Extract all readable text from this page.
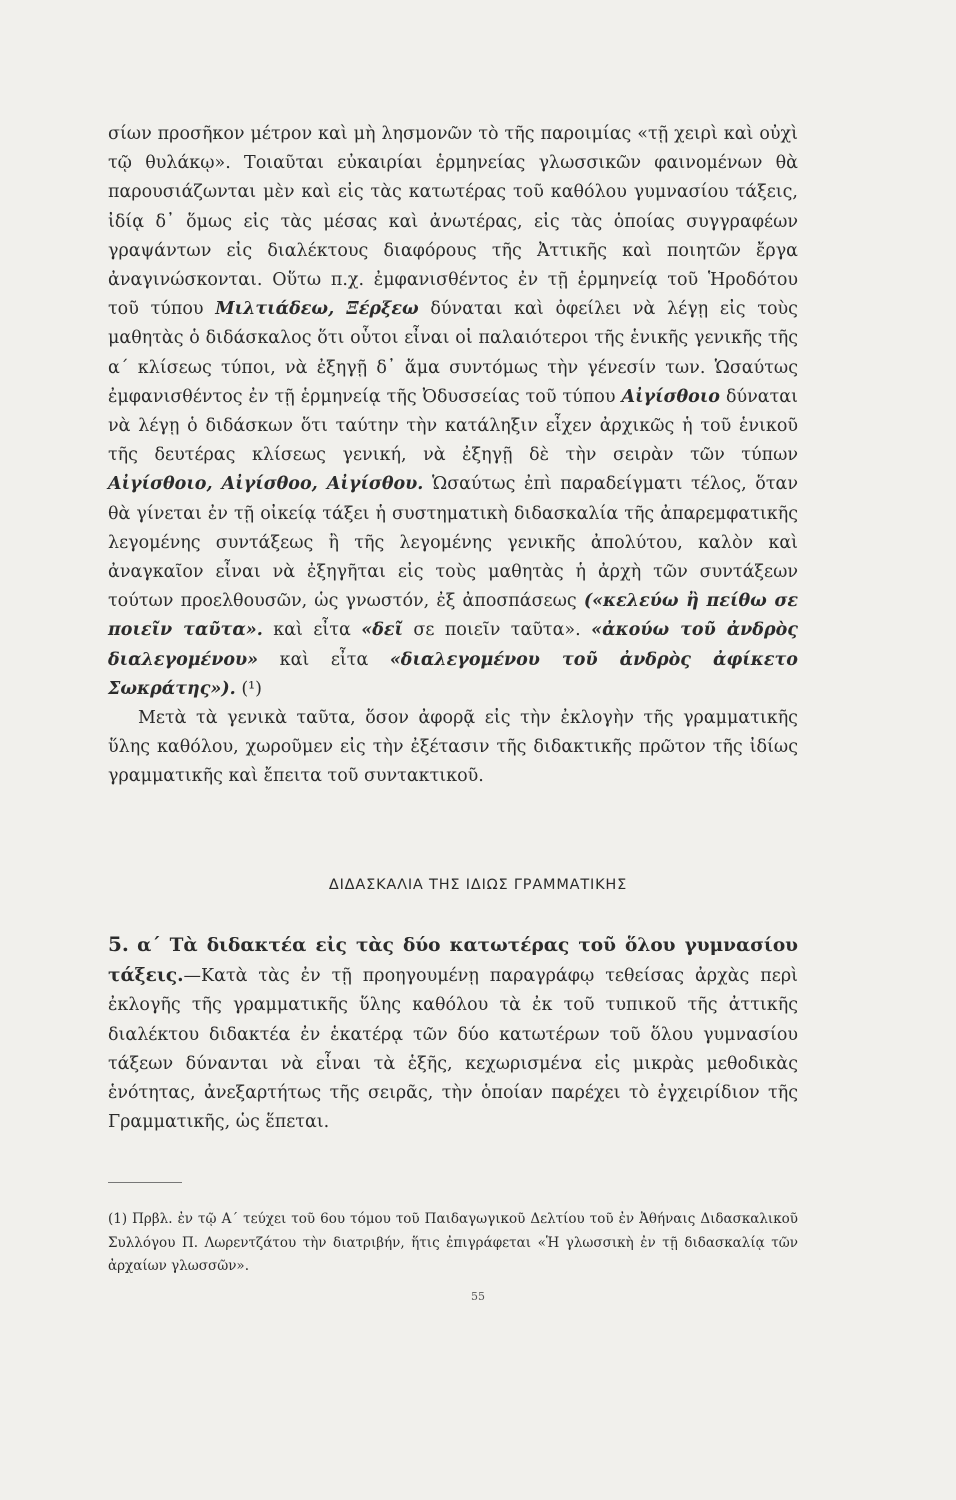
σίων προσῆκον μέτρον καὶ μὴ λησμονῶν τὸ τῆς παροιμίας «τῇ χειρὶ καὶ οὐχὶ τῷ θυλάκῳ». Τοιαῦται εὐκαιρίαι ἑρμηνείας γλωσσικῶν φαινομένων θὰ παρουσιάζωνται μὲν καὶ εἰς τὰς κατωτέρας τοῦ καθόλου γυμνασίου τάξεις, ἰδίᾳ δ᾽ ὅμως εἰς τὰς μέσας καὶ ἀνωτέρας, εἰς τὰς ὁποίας συγγραφέων γραψάντων εἰς διαλέκτους διαφόρους τῆς Ἀττικῆς καὶ ποιητῶν ἔργα ἀναγινώσκονται. Οὕτω π.χ. ἐμφανισθέντος ἐν τῇ ἑρμηνείᾳ τοῦ Ἡροδότου τοῦ τύπου Μιλτιάδεω, Ξέρξεω δύναται καὶ ὀφείλει νὰ λέγῃ εἰς τοὺς μαθητὰς ὁ διδάσκαλος ὅτι οὗτοι εἶναι οἱ παλαιότεροι τῆς ἑνικῆς γενικῆς τῆς α΄ κλίσεως τύποι, νὰ ἐξηγῇ δ᾽ ἅμα συντόμως τὴν γένεσίν των. Ὡσαύτως ἐμφανισθέντος ἐν τῇ ἑρμηνείᾳ τῆς Ὀδυσσείας τοῦ τύπου Αἰγίσθοιο δύναται νὰ λέγῃ ὁ διδάσκων ὅτι ταύτην τὴν κατάληξιν εἶχεν ἀρχικῶς ἡ τοῦ ἑνικοῦ τῆς δευτέρας κλίσεως γενική, νὰ ἐξηγῇ δὲ τὴν σειρὰν τῶν τύπων Αἰγίσθοιο, Αἰγίσθοο, Αἰγίσθου. Ὡσαύτως ἐπὶ παραδείγματι τέλος, ὅταν θὰ γίνεται ἐν τῇ οἰκείᾳ τάξει ἡ συστηματικὴ διδασκαλία τῆς ἀπαρεμφατικῆς λεγομένης συντάξεως ἢ τῆς λεγομένης γενικῆς ἀπολύτου, καλὸν καὶ ἀναγκαῖον εἶναι νὰ ἐξηγῆται εἰς τοὺς μαθητὰς ἡ ἀρχὴ τῶν συντάξεων τούτων προελθουσῶν, ὡς γνωστόν, ἐξ ἀποσπάσεως («κελεύω ἢ πείθω σε ποιεῖν ταῦτα». καὶ εἶτα «δεῖ σε ποιεῖν ταῦτα». «ἀκούω τοῦ ἀνδρὸς διαλεγομένου» καὶ εἶτα «διαλεγομένου τοῦ ἀνδρὸς ἀφίκετο Σωκράτης»). (¹)

Μετὰ τὰ γενικὰ ταῦτα, ὅσον ἀφορᾷ εἰς τὴν ἐκλογὴν τῆς γραμματικῆς ὕλης καθόλου, χωροῦμεν εἰς τὴν ἐξέτασιν τῆς διδακτικῆς πρῶτον τῆς ἰδίως γραμματικῆς καὶ ἔπειτα τοῦ συντακτικοῦ.

ΔΙΔΑΣΚΑΛΙΑ ΤΗΣ ΙΔΙΩΣ ΓΡΑΜΜΑΤΙΚΗΣ

5. α΄ Τὰ διδακτέα εἰς τὰς δύο κατωτέρας τοῦ ὅλου γυμνασίου τάξεις.—Κατὰ τὰς ἐν τῇ προηγουμένῃ παραγράφῳ τεθείσας ἀρχὰς περὶ ἐκλογῆς τῆς γραμματικῆς ὕλης καθόλου τὰ ἐκ τοῦ τυπικοῦ τῆς ἀττικῆς διαλέκτου διδακτέα ἐν ἑκατέρᾳ τῶν δύο κατωτέρων τοῦ ὅλου γυμνασίου τάξεων δύνανται νὰ εἶναι τὰ ἑξῆς, κεχωρισμένα εἰς μικρὰς μεθοδικὰς ἑνότητας, ἀνεξαρτήτως τῆς σειρᾶς, τὴν ὁποίαν παρέχει τὸ ἐγχειρίδιον τῆς Γραμματικῆς, ὡς ἕπεται.

(1) Πρβλ. ἐν τῷ Α΄ τεύχει τοῦ 6ου τόμου τοῦ Παιδαγωγικοῦ Δελτίου τοῦ ἐν Ἀθήναις Διδασκαλικοῦ Συλλόγου Π. Λωρεντζάτου τὴν διατριβήν, ἥτις ἐπιγράφεται «Ἡ γλωσσικὴ ἐν τῇ διδασκαλίᾳ τῶν ἀρχαίων γλωσσῶν».

55
